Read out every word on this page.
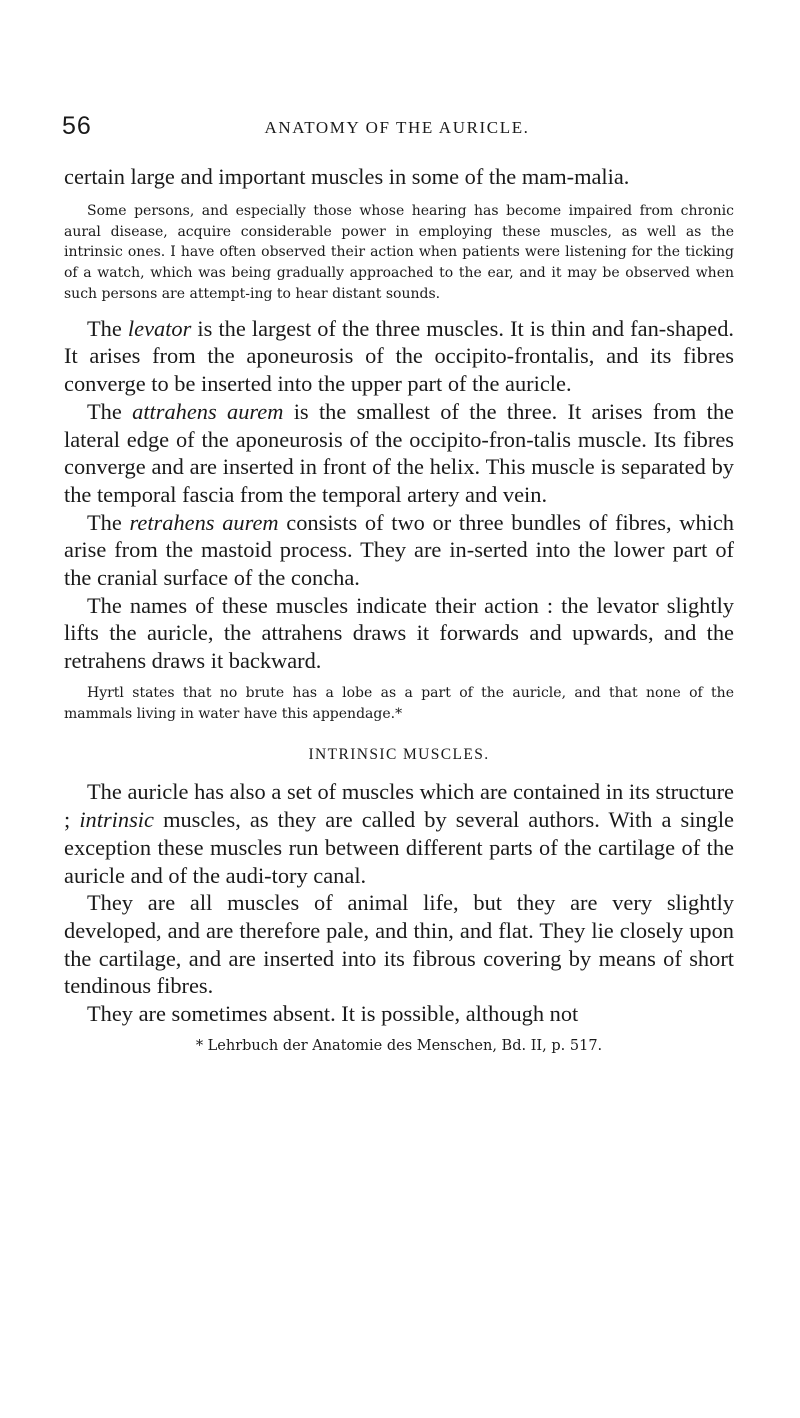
56	ANATOMY OF THE AURICLE.

certain large and important muscles in some of the mam-malia.

Some persons, and especially those whose hearing has become impaired from chronic aural disease, acquire considerable power in employing these muscles, as well as the intrinsic ones. I have often observed their action when patients were listening for the ticking of a watch, which was being gradually approached to the ear, and it may be observed when such persons are attempt-ing to hear distant sounds.

The levator is the largest of the three muscles. It is thin and fan-shaped. It arises from the aponeurosis of the occipito-frontalis, and its fibres converge to be inserted into the upper part of the auricle.

The attrahens aurem is the smallest of the three. It arises from the lateral edge of the aponeurosis of the occipito-fron-talis muscle. Its fibres converge and are inserted in front of the helix. This muscle is separated by the temporal fascia from the temporal artery and vein.

The retrahens aurem consists of two or three bundles of fibres, which arise from the mastoid process. They are in-serted into the lower part of the cranial surface of the concha.

The names of these muscles indicate their action : the levator slightly lifts the auricle, the attrahens draws it forwards and upwards, and the retrahens draws it backward.

Hyrtl states that no brute has a lobe as a part of the auricle, and that none of the mammals living in water have this appendage.*

INTRINSIC MUSCLES.

The auricle has also a set of muscles which are contained in its structure ; intrinsic muscles, as they are called by several authors. With a single exception these muscles run between different parts of the cartilage of the auricle and of the audi-tory canal.

They are all muscles of animal life, but they are very slightly developed, and are therefore pale, and thin, and flat. They lie closely upon the cartilage, and are inserted into its fibrous covering by means of short tendinous fibres.

They are sometimes absent. It is possible, although not

* Lehrbuch der Anatomie des Menschen, Bd. II, p. 517.
